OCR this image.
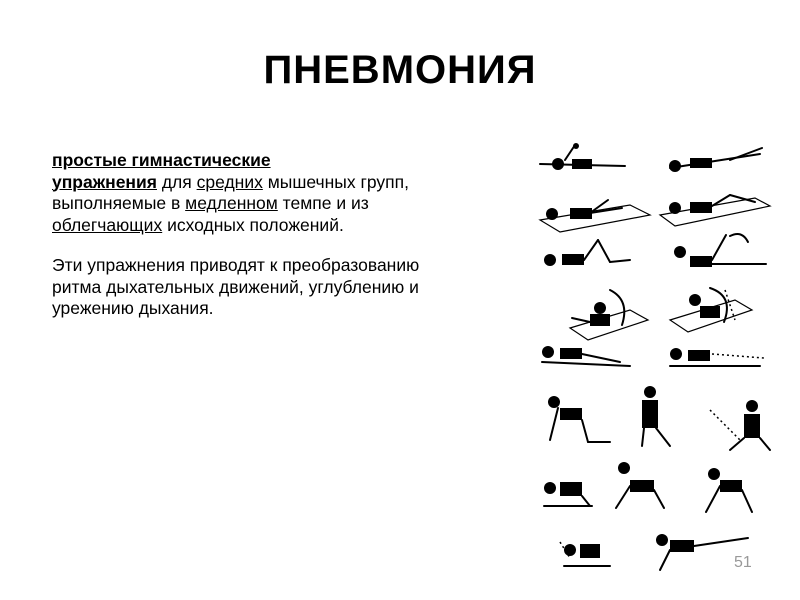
ПНЕВМОНИЯ

простые гимнастические
упражнения для средних мышечных групп, выполняемые в медленном темпе и из облегчающих исходных положений.

Эти упражнения приводят к преобразованию ритма дыхательных движений, углублению и урежению дыхания.

51
